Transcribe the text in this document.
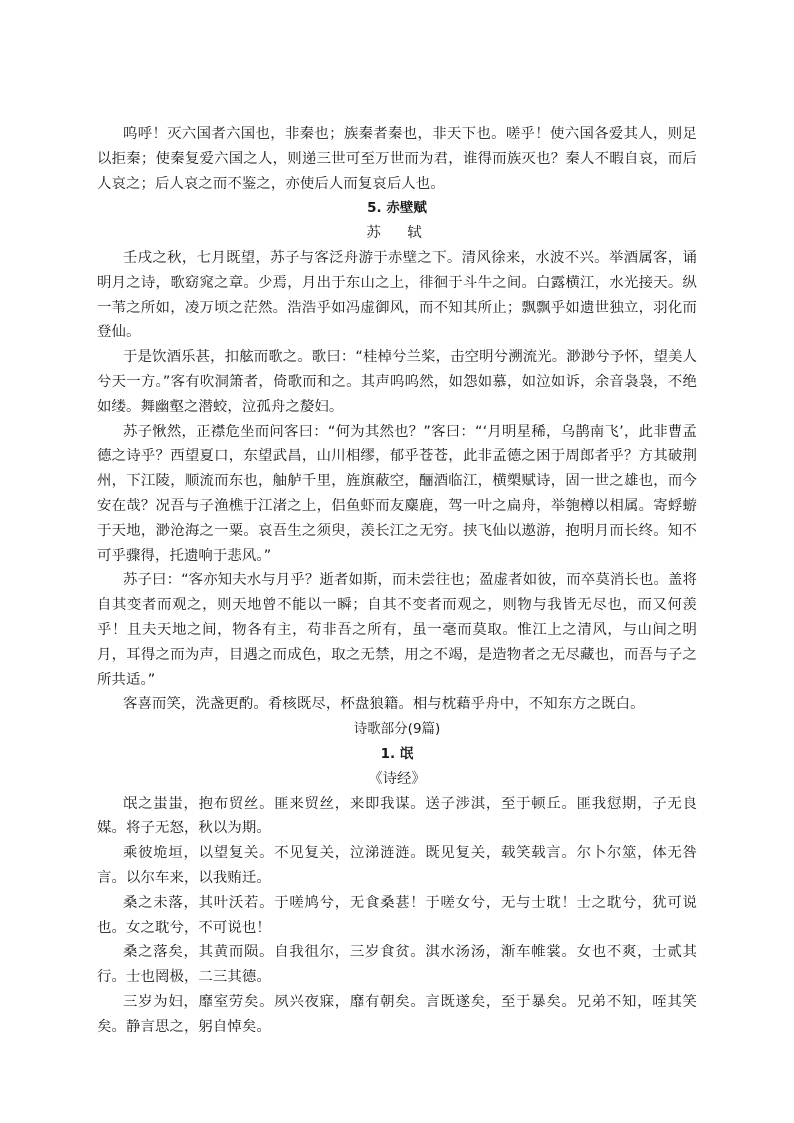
呜呼！灭六国者六国也，非秦也；族秦者秦也，非天下也。嗟乎！使六国各爱其人，则足以拒秦；使秦复爱六国之人，则递三世可至万世而为君，谁得而族灭也？秦人不暇自哀，而后人哀之；后人哀之而不鉴之，亦使后人而复哀后人也。

5. 赤壁赋

苏　轼

壬戌之秋，七月既望，苏子与客泛舟游于赤壁之下。清风徐来，水波不兴。举酒属客，诵明月之诗，歌窈窕之章。少焉，月出于东山之上，徘徊于斗牛之间。白露横江，水光接天。纵一苇之所如，凌万顷之茫然。浩浩乎如冯虚御风，而不知其所止；飘飘乎如遗世独立，羽化而登仙。

于是饮酒乐甚，扣舷而歌之。歌曰：“桂棹兮兰桨，击空明兮溯流光。渺渺兮予怀，望美人兮天一方。”客有吹洞箫者，倚歌而和之。其声呜呜然，如怨如慕，如泣如诉，余音袅袅，不绝如缕。舞幽壑之潜蛟，泣孤舟之嫠妇。

苏子愀然，正襟危坐而问客曰：“何为其然也？”客曰：“‘月明星稀，乌鹊南飞’，此非曹孟德之诗乎？西望夏口，东望武昌，山川相缪，郁乎苍苍，此非孟德之困于周郎者乎？方其破荆州，下江陵，顺流而东也，舳舻千里，旌旗蔽空，酾酒临江，横槊赋诗，固一世之雄也，而今安在哉？况吾与子渔樵于江渚之上，侣鱼虾而友麋鹿，驾一叶之扁舟，举匏樽以相属。寄蜉蝣于天地，渺沧海之一粟。哀吾生之须臾，羡长江之无穷。挟飞仙以遨游，抱明月而长终。知不可乎骤得，托遗响于悲风。”

苏子曰：“客亦知夫水与月乎？逝者如斯，而未尝往也；盈虚者如彼，而卒莫消长也。盖将自其变者而观之，则天地曾不能以一瞬；自其不变者而观之，则物与我皆无尽也，而又何羡乎！且夫天地之间，物各有主，苟非吾之所有，虽一毫而莫取。惟江上之清风，与山间之明月，耳得之而为声，目遇之而成色，取之无禁，用之不竭，是造物者之无尽藏也，而吾与子之所共适。”

客喜而笑，洗盏更酌。肴核既尽，杯盘狼籍。相与枕藉乎舟中，不知东方之既白。

诗歌部分(9篇)

1. 氓

《诗经》

氓之蚩蚩，抱布贸丝。匪来贸丝，来即我谋。送子涉淇，至于顿丘。匪我愆期，子无良媒。将子无怒，秋以为期。

乘彼垝垣，以望复关。不见复关，泣涕涟涟。既见复关，载笑载言。尔卜尔筮，体无咎言。以尔车来，以我贿迁。

桑之未落，其叶沃若。于嗟鸠兮，无食桑葚！于嗟女兮，无与士耽！士之耽兮，犹可说也。女之耽兮，不可说也！

桑之落矣，其黄而陨。自我徂尔，三岁食贫。淇水汤汤，渐车帷裳。女也不爽，士贰其行。士也罔极，二三其德。

三岁为妇，靡室劳矣。夙兴夜寐，靡有朝矣。言既遂矣，至于暴矣。兄弟不知，咥其笑矣。静言思之，躬自悼矣。
